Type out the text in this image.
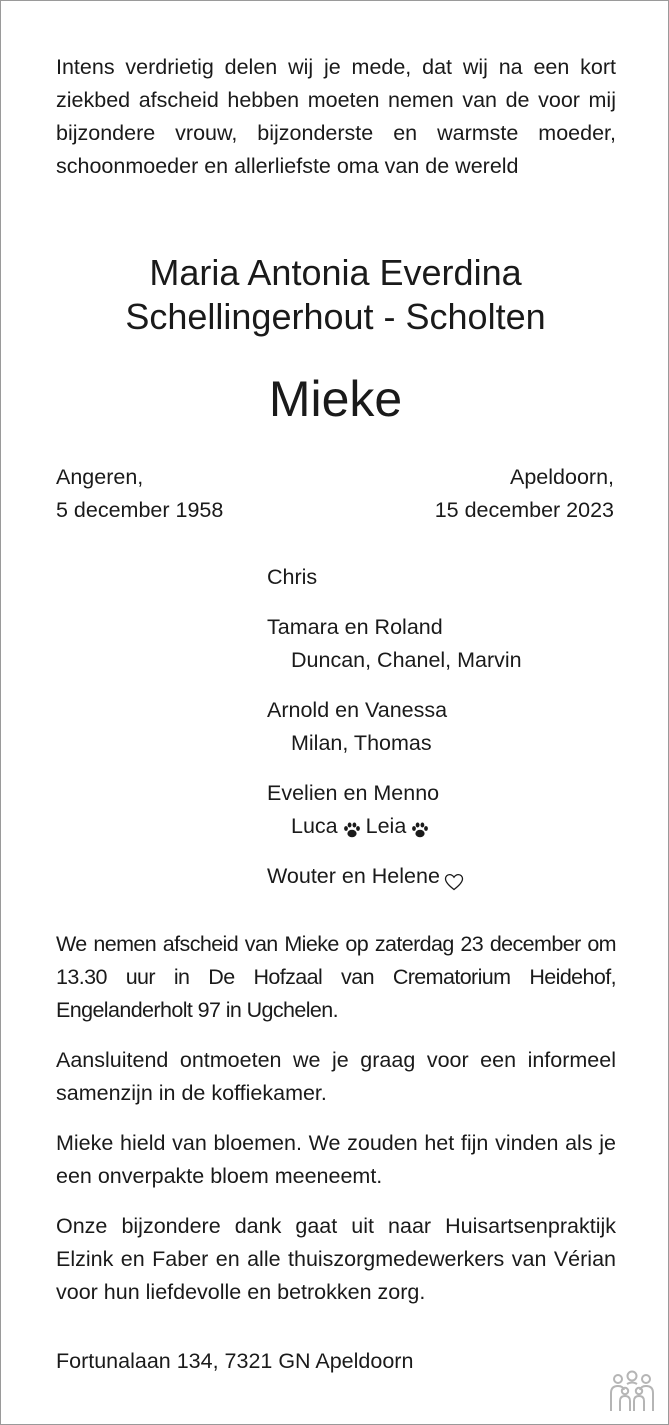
Intens verdrietig delen wij je mede, dat wij na een kort ziekbed afscheid hebben moeten nemen van de voor mij bijzondere vrouw, bijzonderste en warmste moeder, schoonmoeder en allerliefste oma van de wereld
Maria Antonia Everdina
Schellingerhout - Scholten
Mieke
Angeren,
5 december 1958
Apeldoorn,
15 december 2023
Chris
Tamara en Roland
Duncan, Chanel, Marvin
Arnold en Vanessa
Milan, Thomas
Evelien en Menno
Luca Leia
Wouter en Helene

We nemen afscheid van Mieke op zaterdag 23 december om 13.30 uur in De Hofzaal van Crematorium Heidehof, Engelanderholt 97 in Ugchelen.

Aansluitend ontmoeten we je graag voor een informeel samenzijn in de koffiekamer.

Mieke hield van bloemen. We zouden het fijn vinden als je een onverpakte bloem meeneemt.

Onze bijzondere dank gaat uit naar Huisartsenpraktijk Elzink en Faber en alle thuiszorgmedewerkers van Vérian voor hun liefdevolle en betrokken zorg.

Fortunalaan 134, 7321 GN Apeldoorn
